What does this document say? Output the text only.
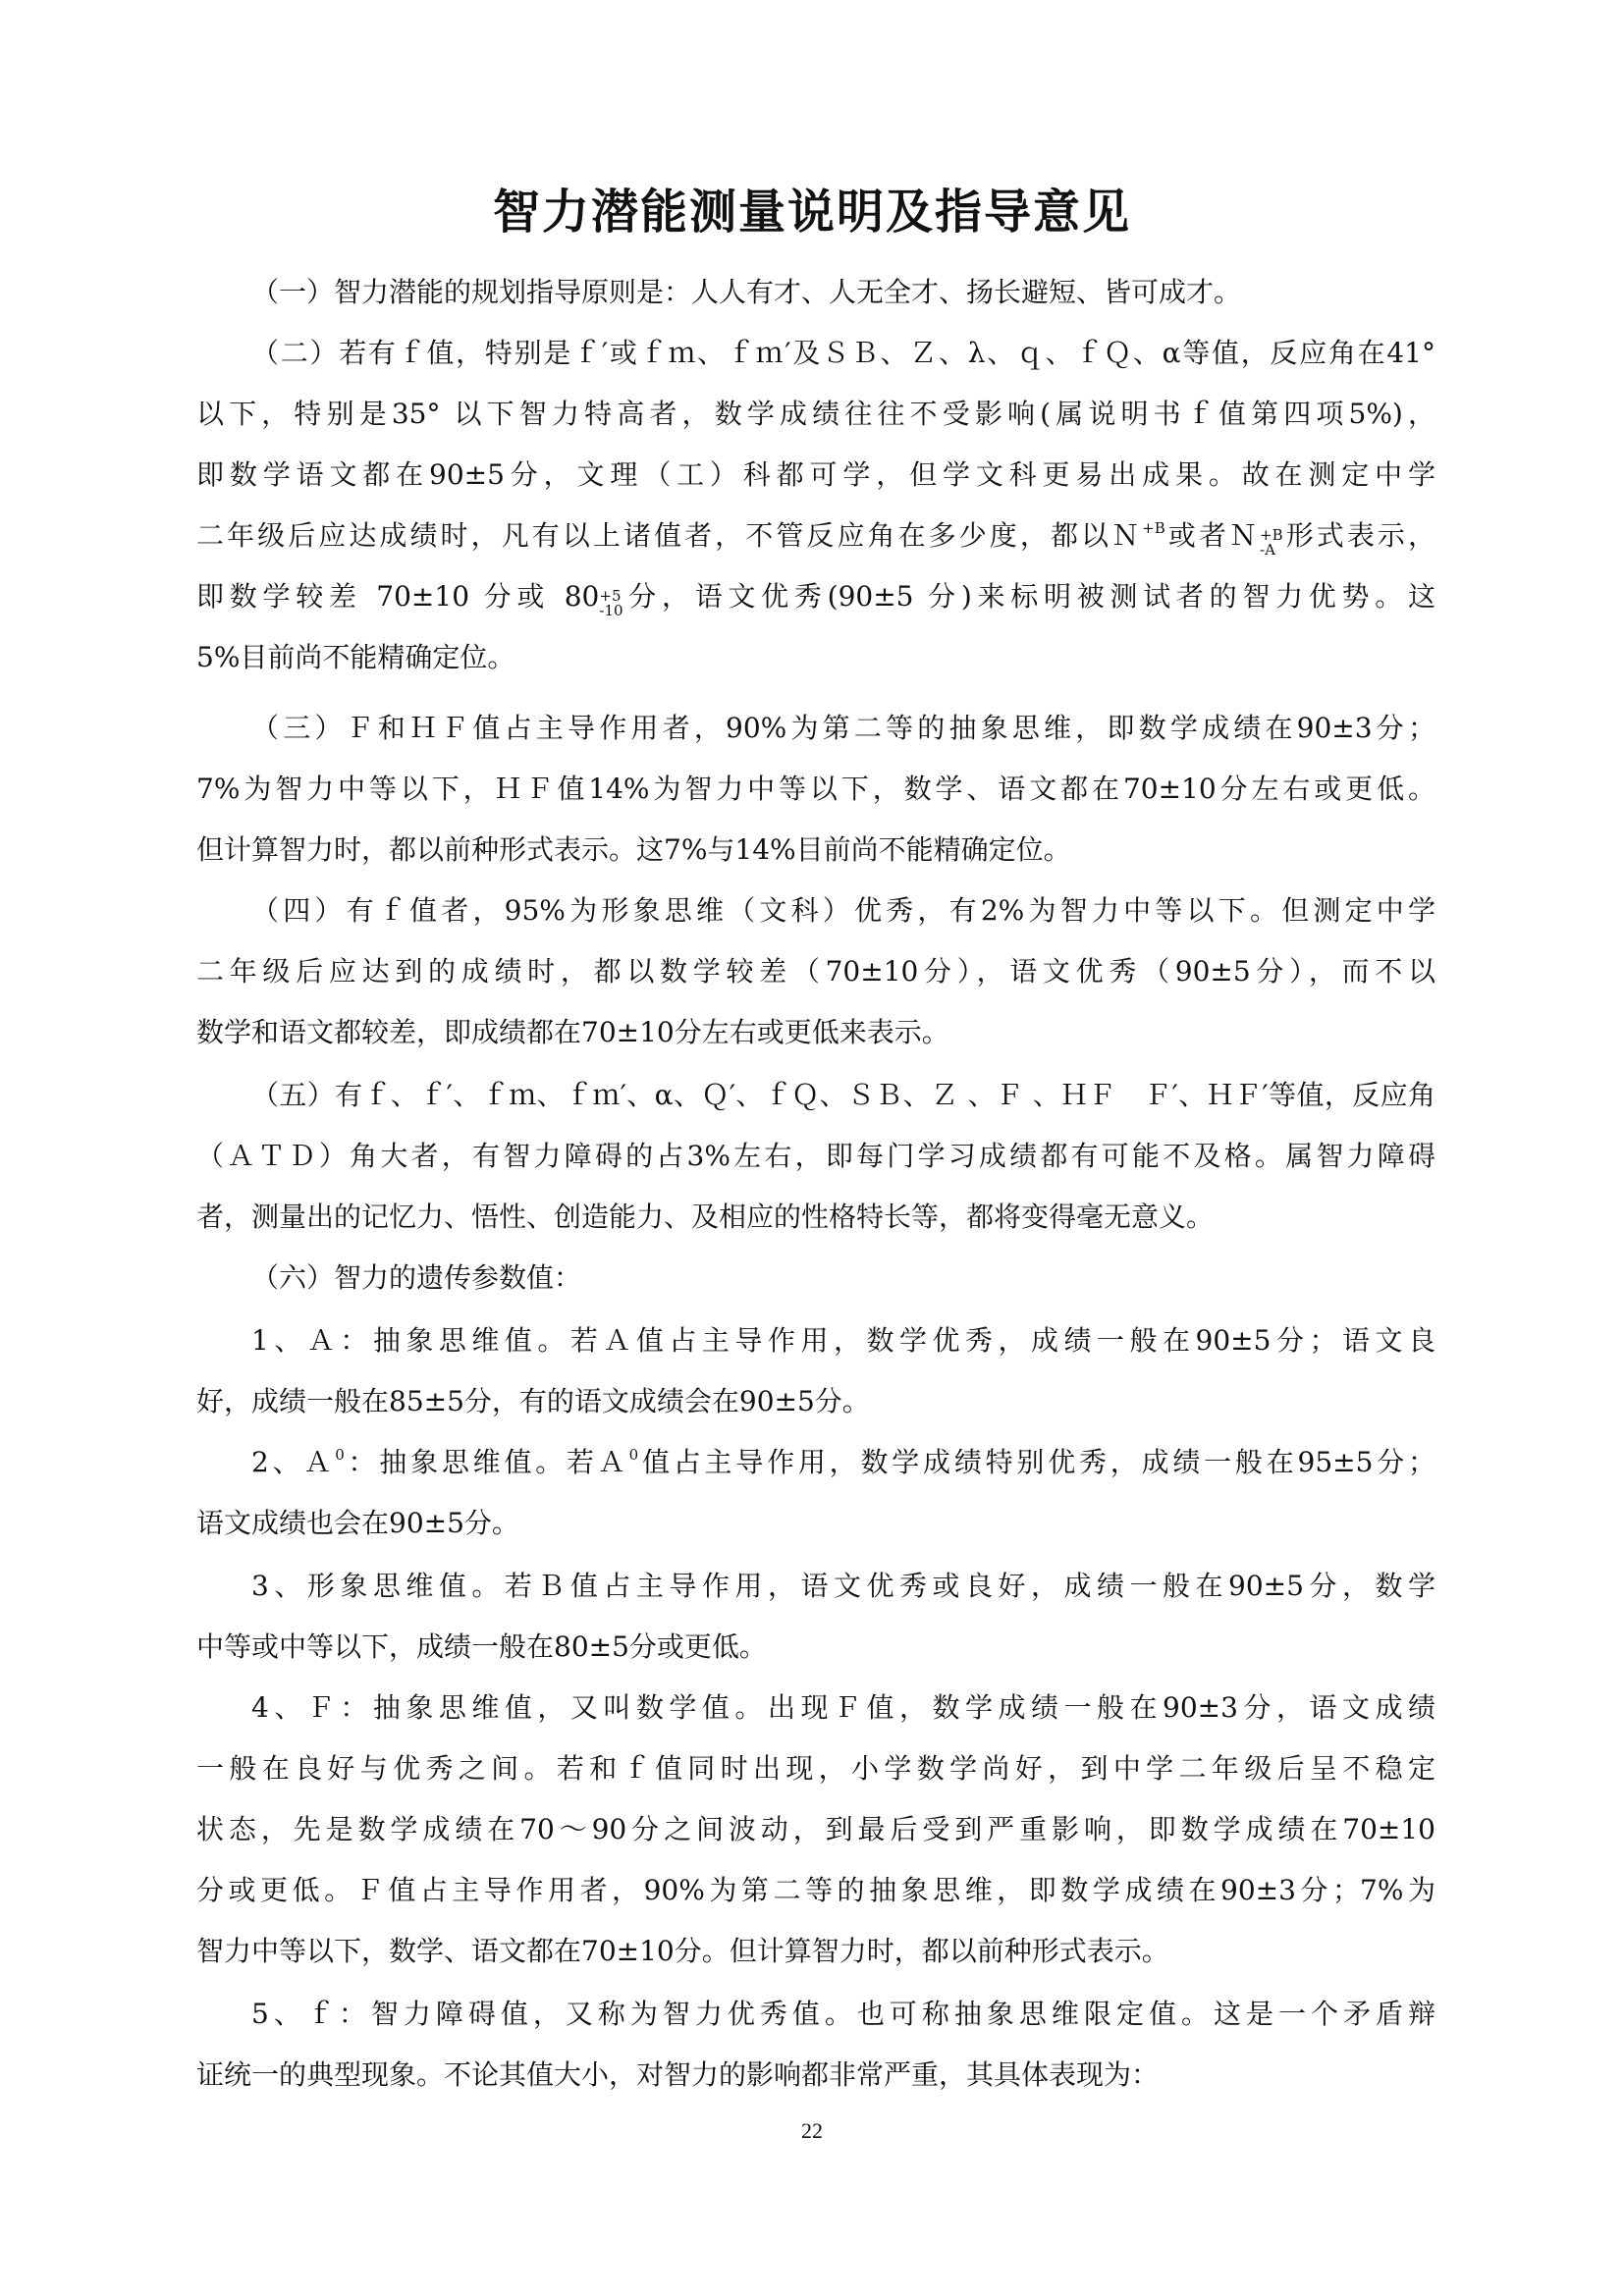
智力潜能测量说明及指导意见
（一）智力潜能的规划指导原则是：人人有才、人无全才、扬长避短、皆可成才。
（二）若有ｆ值，特别是ｆ′或ｆｍ、ｆｍ′及ＳＢ、Ｚ、λ、ｑ、ｆＱ、α等值，反应角在41°
以下，特别是35° 以下智力特高者，数学成绩往往不受影响(属说明书ｆ值第四项5%)，
即数学语文都在90±5分，文理（工）科都可学，但学文科更易出成果。故在测定中学
二年级后应达成绩时，凡有以上诸值者，不管反应角在多少度，都以Ｎ$^{+B}$或者Ｎ +B
-A 形式表示，
即数学较差 70±10 分或 80 +5
-10 分，语文优秀(90±5 分)来标明被测试者的智力优势。这
5%目前尚不能精确定位。
（三）Ｆ和ＨＦ值占主导作用者，90%为第二等的抽象思维，即数学成绩在90±3分；
7%为智力中等以下，ＨＦ值14%为智力中等以下，数学、语文都在70±10分左右或更低。
但计算智力时，都以前种形式表示。这7%与14%目前尚不能精确定位。
（四）有ｆ值者，95%为形象思维（文科）优秀，有2%为智力中等以下。但测定中学
二年级后应达到的成绩时，都以数学较差（70±10分），语文优秀（90±5分），而不以
数学和语文都较差，即成绩都在70±10分左右或更低来表示。
（五）有ｆ、ｆ′、ｆｍ、ｆｍ′、α、Ｑ′、ｆＱ、ＳＢ、Ｚ 、Ｆ 、ＨＦ　Ｆ′、ＨＦ′等值，反应角
（ＡＴＤ）角大者，有智力障碍的占3%左右，即每门学习成绩都有可能不及格。属智力障碍
者，测量出的记忆力、悟性、创造能力、及相应的性格特长等，都将变得毫无意义。
（六）智力的遗传参数值：
1、Ａ：抽象思维值。若Ａ值占主导作用，数学优秀，成绩一般在90±5分；语文良
好，成绩一般在85±5分，有的语文成绩会在90±5分。
2、Ａ$^0$：抽象思维值。若Ａ$^0$值占主导作用，数学成绩特别优秀，成绩一般在95±5分；
语文成绩也会在90±5分。
3、形象思维值。若Ｂ值占主导作用，语文优秀或良好，成绩一般在90±5分，数学
中等或中等以下，成绩一般在80±5分或更低。
4、Ｆ：抽象思维值，又叫数学值。出现Ｆ值，数学成绩一般在90±3分，语文成绩
一般在良好与优秀之间。若和ｆ值同时出现，小学数学尚好，到中学二年级后呈不稳定
状态，先是数学成绩在70～90分之间波动，到最后受到严重影响，即数学成绩在70±10
分或更低。Ｆ值占主导作用者，90%为第二等的抽象思维，即数学成绩在90±3分；7%为
智力中等以下，数学、语文都在70±10分。但计算智力时，都以前种形式表示。
5、ｆ：智力障碍值，又称为智力优秀值。也可称抽象思维限定值。这是一个矛盾辩
证统一的典型现象。不论其值大小，对智力的影响都非常严重，其具体表现为：
22
